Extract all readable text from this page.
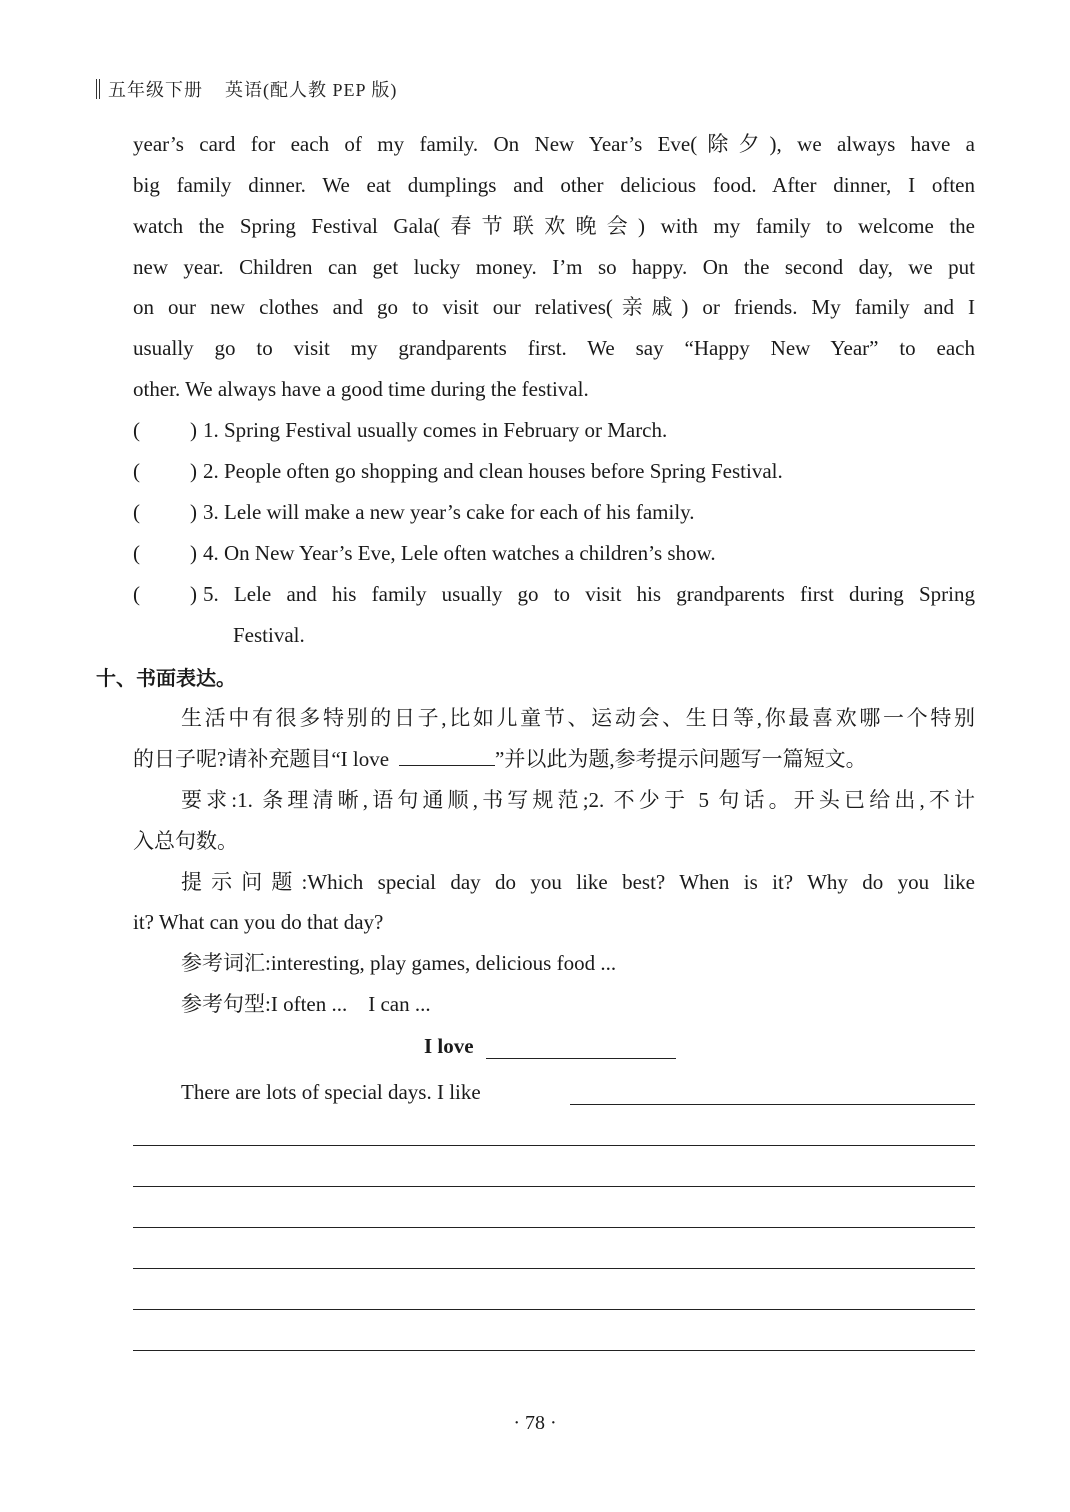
五年级下册 英语(配人教 PEP 版)
year’s card for each of my family. On New Year’s Eve(除夕), we always have a
big family dinner. We eat dumplings and other delicious food. After dinner, I often
watch the Spring Festival Gala(春节联欢晚会) with my family to welcome the
new year. Children can get lucky money. I’m so happy. On the second day, we put
on our new clothes and go to visit our relatives(亲戚) or friends. My family and I
usually go to visit my grandparents first. We say “Happy New Year” to each
other. We always have a good time during the festival.
( ) 1. Spring Festival usually comes in February or March.
( ) 2. People often go shopping and clean houses before Spring Festival.
( ) 3. Lele will make a new year’s cake for each of his family.
( ) 4. On New Year’s Eve, Lele often watches a children’s show.
( ) 5. Lele and his family usually go to visit his grandparents first during Spring
Festival.
十、书面表达。
生活中有很多特别的日子,比如儿童节、运动会、生日等,你最喜欢哪一个特别
的日子呢?请补充题目“I love	”并以此为题,参考提示问题写一篇短文。
要求:1. 条理清晰,语句通顺,书写规范;2. 不少于 5 句话。开头已给出,不计
入总句数。
提示问题:Which special day do you like best? When is it? Why do you like
it? What can you do that day?
参考词汇:interesting, play games, delicious food ...
参考句型:I often ...    I can ...
I love
There are lots of special days. I like
· 78 ·
